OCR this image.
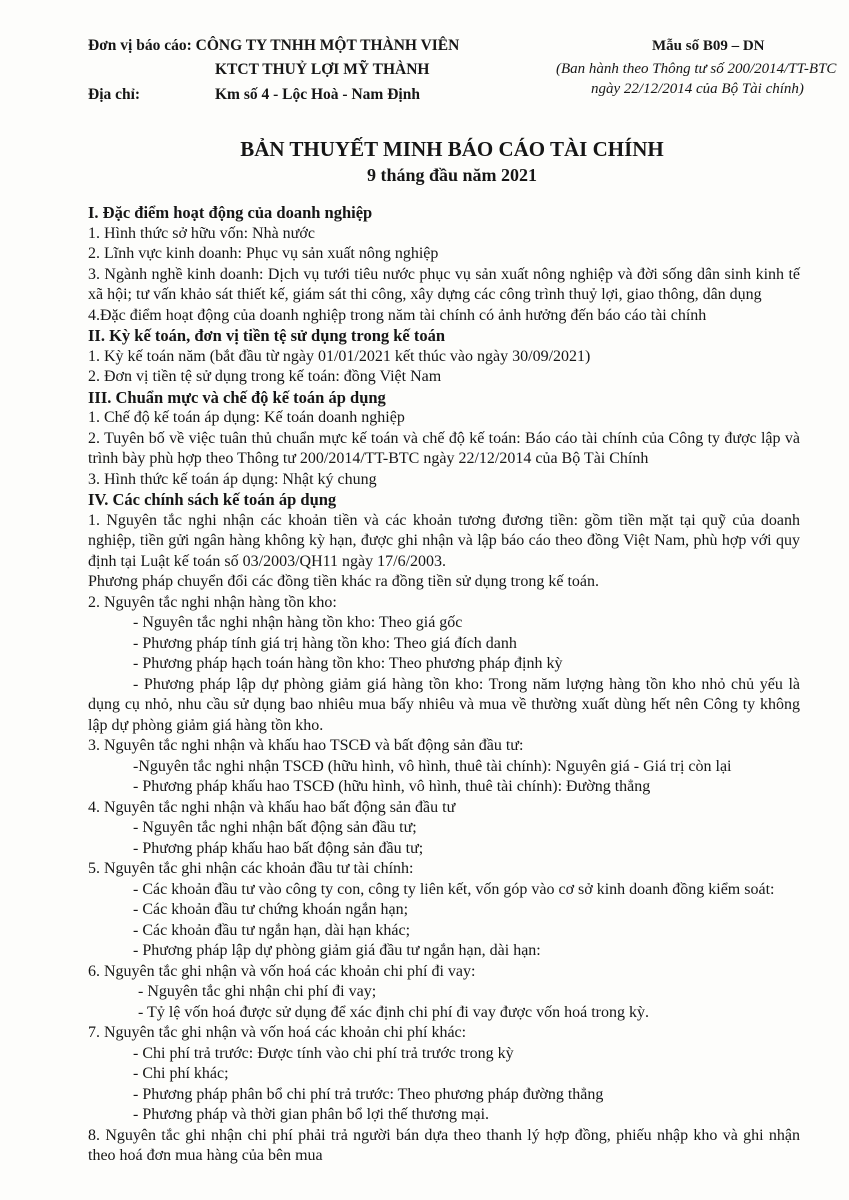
Đơn vị báo cáo: CÔNG TY TNHH MỘT THÀNH VIÊN
KTCT THUỶ LỢI MỸ THÀNH
Địa chỉ:	Km số 4 - Lộc Hoà - Nam Định
Mẫu số B09 – DN
(Ban hành theo Thông tư số 200/2014/TT-BTC
ngày 22/12/2014 của Bộ Tài chính)
BẢN THUYẾT MINH BÁO CÁO TÀI CHÍNH
9 tháng đầu năm 2021

I. Đặc điểm hoạt động của doanh nghiệp

1. Hình thức sở hữu vốn: Nhà nước

2. Lĩnh vực kinh doanh: Phục vụ sản xuất nông nghiệp

3. Ngành nghề kinh doanh: Dịch vụ tưới tiêu nước phục vụ sản xuất nông nghiệp và đời sống dân sinh kinh tế xã hội; tư vấn khảo sát thiết kế, giám sát thi công, xây dựng các công trình thuỷ lợi, giao thông, dân dụng

4.Đặc điểm hoạt động của doanh nghiệp trong năm tài chính có ảnh hưởng đến báo cáo tài chính

II. Kỳ kế toán, đơn vị tiền tệ sử dụng trong kế toán

1. Kỳ kế toán năm (bắt đầu từ ngày 01/01/2021 kết thúc vào ngày 30/09/2021)

2. Đơn vị tiền tệ sử dụng trong kế toán: đồng Việt Nam

III. Chuẩn mực và chế độ kế toán áp dụng

1. Chế độ kế toán áp dụng: Kế toán doanh nghiệp

2. Tuyên bố về việc tuân thủ chuẩn mực kế toán và chế độ kế toán: Báo cáo tài chính của Công ty được lập và trình bày phù hợp theo Thông tư 200/2014/TT-BTC ngày 22/12/2014 của Bộ Tài Chính

3. Hình thức kế toán áp dụng: Nhật ký chung

IV. Các chính sách kế toán áp dụng

1. Nguyên tắc nghi nhận các khoản tiền và các khoản tương đương tiền: gồm tiền mặt tại quỹ của doanh nghiệp, tiền gửi ngân hàng không kỳ hạn, được ghi nhận và lập báo cáo theo đồng Việt Nam, phù hợp với quy định tại Luật kế toán số 03/2003/QH11 ngày 17/6/2003.

Phương pháp chuyển đổi các đồng tiền khác ra đồng tiền sử dụng trong kế toán.

2. Nguyên tắc nghi nhận hàng tồn kho:

- Nguyên tắc nghi nhận hàng tồn kho: Theo giá gốc

- Phương pháp tính giá trị hàng tồn kho: Theo giá đích danh

- Phương pháp hạch toán hàng tồn kho: Theo phương pháp định kỳ

- Phương pháp lập dự phòng giảm giá hàng tồn kho: Trong năm lượng hàng tồn kho nhỏ chủ yếu là dụng cụ nhỏ, nhu cầu sử dụng bao nhiêu mua bấy nhiêu và mua về thường xuất dùng hết nên Công ty không lập dự phòng giảm giá hàng tồn kho.

3. Nguyên tắc nghi nhận và khấu hao TSCĐ và bất động sản đầu tư:

-Nguyên tắc nghi nhận TSCĐ (hữu hình, vô hình, thuê tài chính): Nguyên giá - Giá trị còn lại

- Phương pháp khấu hao TSCĐ (hữu hình, vô hình, thuê tài chính): Đường thẳng

4. Nguyên tắc nghi nhận và khấu hao bất động sản đầu tư

- Nguyên tắc nghi nhận bất động sản đầu tư;

- Phương pháp khấu hao bất động sản đầu tư;

5. Nguyên tắc ghi nhận các khoản đầu tư tài chính:

- Các khoản đầu tư vào công ty con, công ty liên kết, vốn góp vào cơ sở kinh doanh đồng kiểm soát:

- Các khoản đầu tư chứng khoán ngắn hạn;

- Các khoản đầu tư ngắn hạn, dài hạn khác;

- Phương pháp lập dự phòng giảm giá đầu tư ngắn hạn, dài hạn:

6. Nguyên tắc ghi nhận và vốn hoá các khoản chi phí đi vay:

- Nguyên tắc ghi nhận chi phí đi vay;

- Tỷ lệ vốn hoá được sử dụng để xác định chi phí đi vay được vốn hoá trong kỳ.

7. Nguyên tắc ghi nhận và vốn hoá các khoản chi phí khác:

- Chi phí trả trước: Được tính vào chi phí trả trước trong kỳ

- Chi phí khác;

- Phương pháp phân bổ chi phí trả trước: Theo phương pháp đường thẳng

- Phương pháp và thời gian phân bổ lợi thế thương mại.

8. Nguyên tắc ghi nhận chi phí phải trả người bán dựa theo thanh lý hợp đồng, phiếu nhập kho và ghi nhận theo hoá đơn mua hàng của bên mua
